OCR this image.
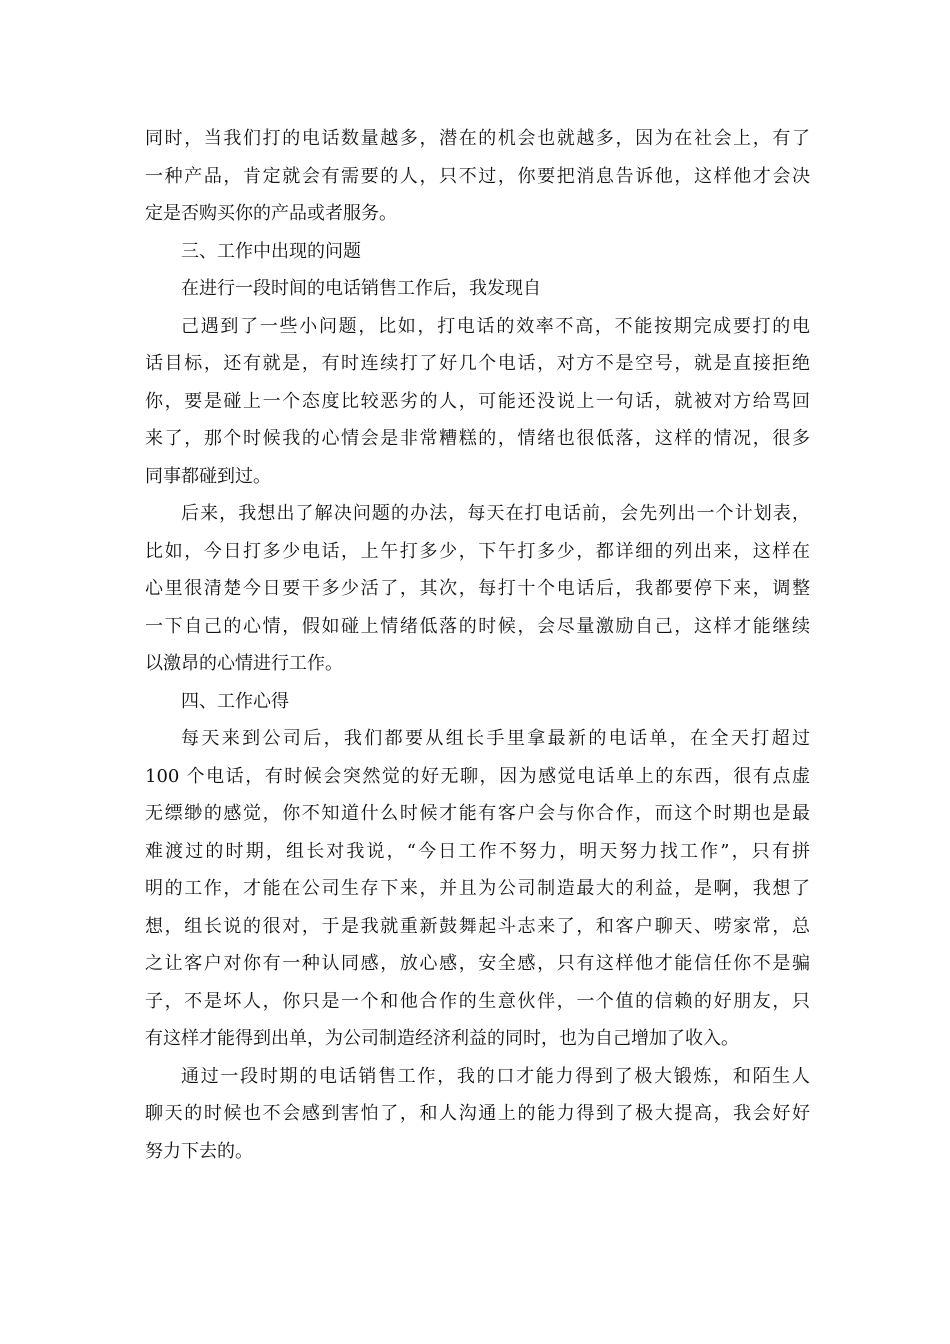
同时，当我们打的电话数量越多，潜在的机会也就越多，因为在社会上，有了
一种产品，肯定就会有需要的人，只不过，你要把消息告诉他，这样他才会决
定是否购买你的产品或者服务。
三、工作中出现的问题
在进行一段时间的电话销售工作后，我发现自
己遇到了一些小问题，比如，打电话的效率不高，不能按期完成要打的电
话目标，还有就是，有时连续打了好几个电话，对方不是空号，就是直接拒绝
你，要是碰上一个态度比较恶劣的人，可能还没说上一句话，就被对方给骂回
来了，那个时候我的心情会是非常糟糕的，情绪也很低落，这样的情况，很多
同事都碰到过。
后来，我想出了解决问题的办法，每天在打电话前，会先列出一个计划表，
比如，今日打多少电话，上午打多少，下午打多少，都详细的列出来，这样在
心里很清楚今日要干多少活了，其次，每打十个电话后，我都要停下来，调整
一下自己的心情，假如碰上情绪低落的时候，会尽量激励自己，这样才能继续
以激昂的心情进行工作。
四、工作心得
每天来到公司后，我们都要从组长手里拿最新的电话单，在全天打超过
100 个电话，有时候会突然觉的好无聊，因为感觉电话单上的东西，很有点虚
无缥缈的感觉，你不知道什么时候才能有客户会与你合作，而这个时期也是最
难渡过的时期，组长对我说，“今日工作不努力，明天努力找工作”，只有拼
明的工作，才能在公司生存下来，并且为公司制造最大的利益，是啊，我想了
想，组长说的很对，于是我就重新鼓舞起斗志来了，和客户聊天、唠家常，总
之让客户对你有一种认同感，放心感，安全感，只有这样他才能信任你不是骗
子，不是坏人，你只是一个和他合作的生意伙伴，一个值的信赖的好朋友，只
有这样才能得到出单，为公司制造经济利益的同时，也为自己增加了收入。
通过一段时期的电话销售工作，我的口才能力得到了极大锻炼，和陌生人
聊天的时候也不会感到害怕了，和人沟通上的能力得到了极大提高，我会好好
努力下去的。
